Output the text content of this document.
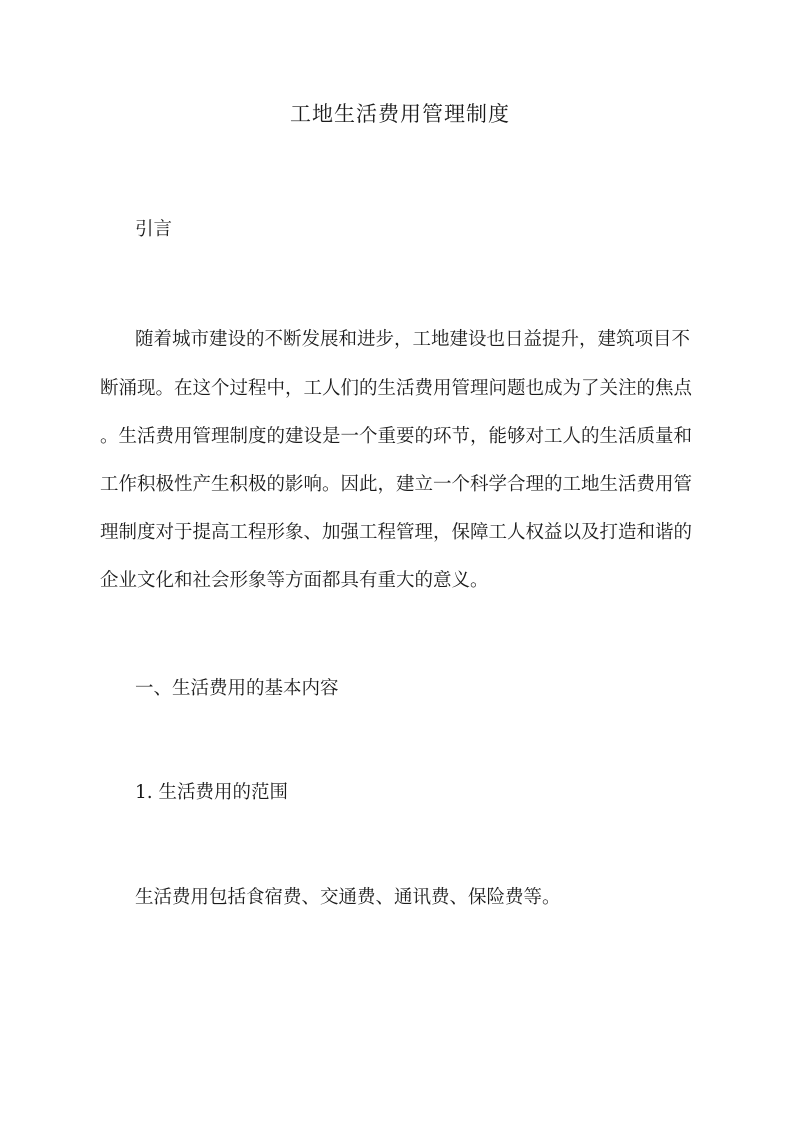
工地生活费用管理制度
引言
随着城市建设的不断发展和进步，工地建设也日益提升，建筑项目不
断涌现。在这个过程中，工人们的生活费用管理问题也成为了关注的焦点
。生活费用管理制度的建设是一个重要的环节，能够对工人的生活质量和
工作积极性产生积极的影响。因此，建立一个科学合理的工地生活费用管
理制度对于提高工程形象、加强工程管理，保障工人权益以及打造和谐的
企业文化和社会形象等方面都具有重大的意义。
一、生活费用的基本内容
1. 生活费用的范围
生活费用包括食宿费、交通费、通讯费、保险费等。
